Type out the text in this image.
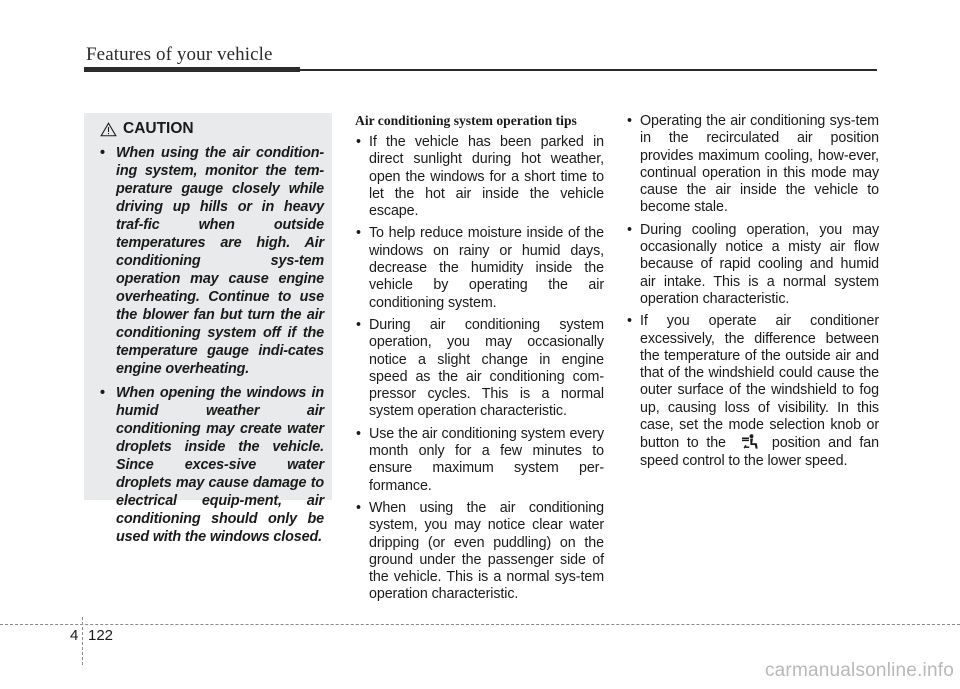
Features of your vehicle
CAUTION
• When using the air condition-ing system, monitor the tem-perature gauge closely while driving up hills or in heavy traf-fic when outside temperatures are high. Air conditioning sys-tem operation may cause engine overheating. Continue to use the blower fan but turn the air conditioning system off if the temperature gauge indi-cates engine overheating.
• When opening the windows in humid weather air conditioning may create water droplets inside the vehicle. Since exces-sive water droplets may cause damage to electrical equip-ment, air conditioning should only be used with the windows closed.
Air conditioning system operation tips
• If the vehicle has been parked in direct sunlight during hot weather, open the windows for a short time to let the hot air inside the vehicle escape.
• To help reduce moisture inside of the windows on rainy or humid days, decrease the humidity inside the vehicle by operating the air conditioning system.
• During air conditioning system operation, you may occasionally notice a slight change in engine speed as the air conditioning com-pressor cycles. This is a normal system operation characteristic.
• Use the air conditioning system every month only for a few minutes to ensure maximum system per-formance.
• When using the air conditioning system, you may notice clear water dripping (or even puddling) on the ground under the passenger side of the vehicle. This is a normal sys-tem operation characteristic.
• Operating the air conditioning sys-tem in the recirculated air position provides maximum cooling, how-ever, continual operation in this mode may cause the air inside the vehicle to become stale.
• During cooling operation, you may occasionally notice a misty air flow because of rapid cooling and humid air intake. This is a normal system operation characteristic.
• If you operate air conditioner excessively, the difference between the temperature of the outside air and that of the windshield could cause the outer surface of the windshield to fog up, causing loss of visibility. In this case, set the mode selection knob or button to the	position and fan speed control to the lower speed.
4 122
carmanualsonline.info
